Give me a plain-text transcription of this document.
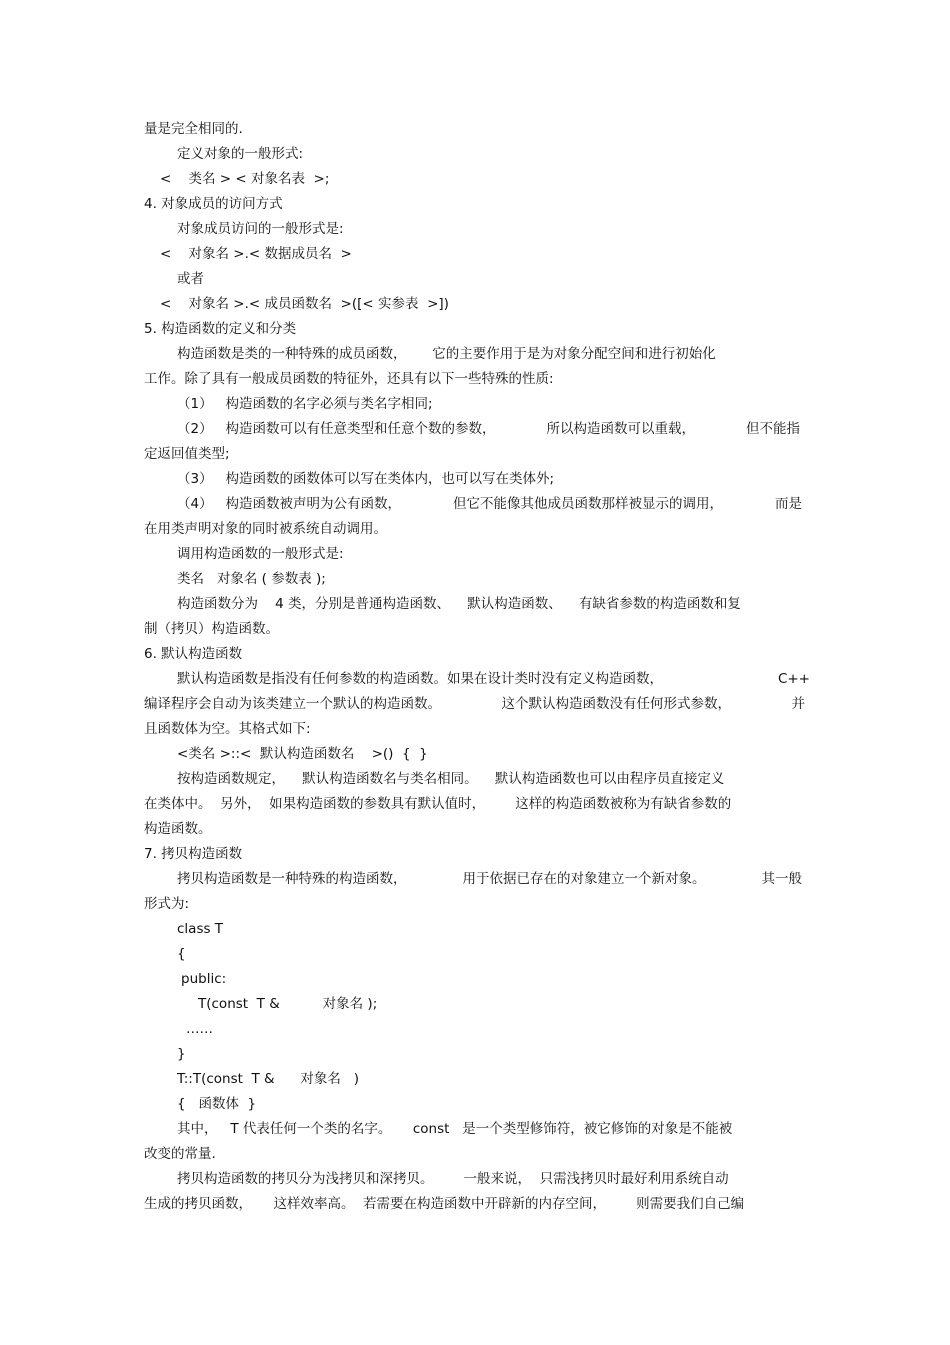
量是完全相同的.

定义对象的一般形式:

<    类名 > < 对象名表  >;

4. 对象成员的访问方式

对象成员访问的一般形式是:

<    对象名 >.< 数据成员名  >

或者

<    对象名 >.< 成员函数名  >([< 实参表  >])

5. 构造函数的定义和分类

构造函数是类的一种特殊的成员函数，      它的主要作用于是为对象分配空间和进行初始化

工作。除了具有一般成员函数的特征外，还具有以下一些特殊的性质:

（1）   构造函数的名字必须与类名字相同;

（2）   构造函数可以有任意类型和任意个数的参数，	所以构造函数可以重载，	但不能指

定返回值类型;

（3）   构造函数的函数体可以写在类体内，也可以写在类体外;

（4）   构造函数被声明为公有函数，	但它不能像其他成员函数那样被显示的调用，	而是

在用类声明对象的同时被系统自动调用。

调用构造函数的一般形式是:

类名   对象名 ( 参数表 );

构造函数分为    4 类，分别是普通构造函数、    默认构造函数、    有缺省参数的构造函数和复

制（拷贝）构造函数。

6. 默认构造函数

默认构造函数是指没有任何参数的构造函数。如果在设计类时没有定义构造函数，	C++
编译程序会自动为该类建立一个默认的构造函数。	这个默认构造函数没有任何形式参数，	并

且函数体为空。其格式如下:

<类名 >::<  默认构造函数名    >()  {  }

按构造函数规定，    默认构造函数名与类名相同。    默认构造函数也可以由程序员直接定义

在类体中。  另外，  如果构造函数的参数具有默认值时，       这样的构造函数被称为有缺省参数的

构造函数。

7. 拷贝构造函数

拷贝构造函数是一种特殊的构造函数，	用于依据已存在的对象建立一个新对象。	其一般

形式为:

class T

{

public:

T(const  T &          对象名 );

……

}

T::T(const  T &      对象名   )

{   函数体  }

其中，   T 代表任何一个类的名字。     const   是一个类型修饰符，被它修饰的对象是不能被

改变的常量.

拷贝构造函数的拷贝分为浅拷贝和深拷贝。       一般来说，  只需浅拷贝时最好利用系统自动

生成的拷贝函数，     这样效率高。  若需要在构造函数中开辟新的内存空间，       则需要我们自己编
